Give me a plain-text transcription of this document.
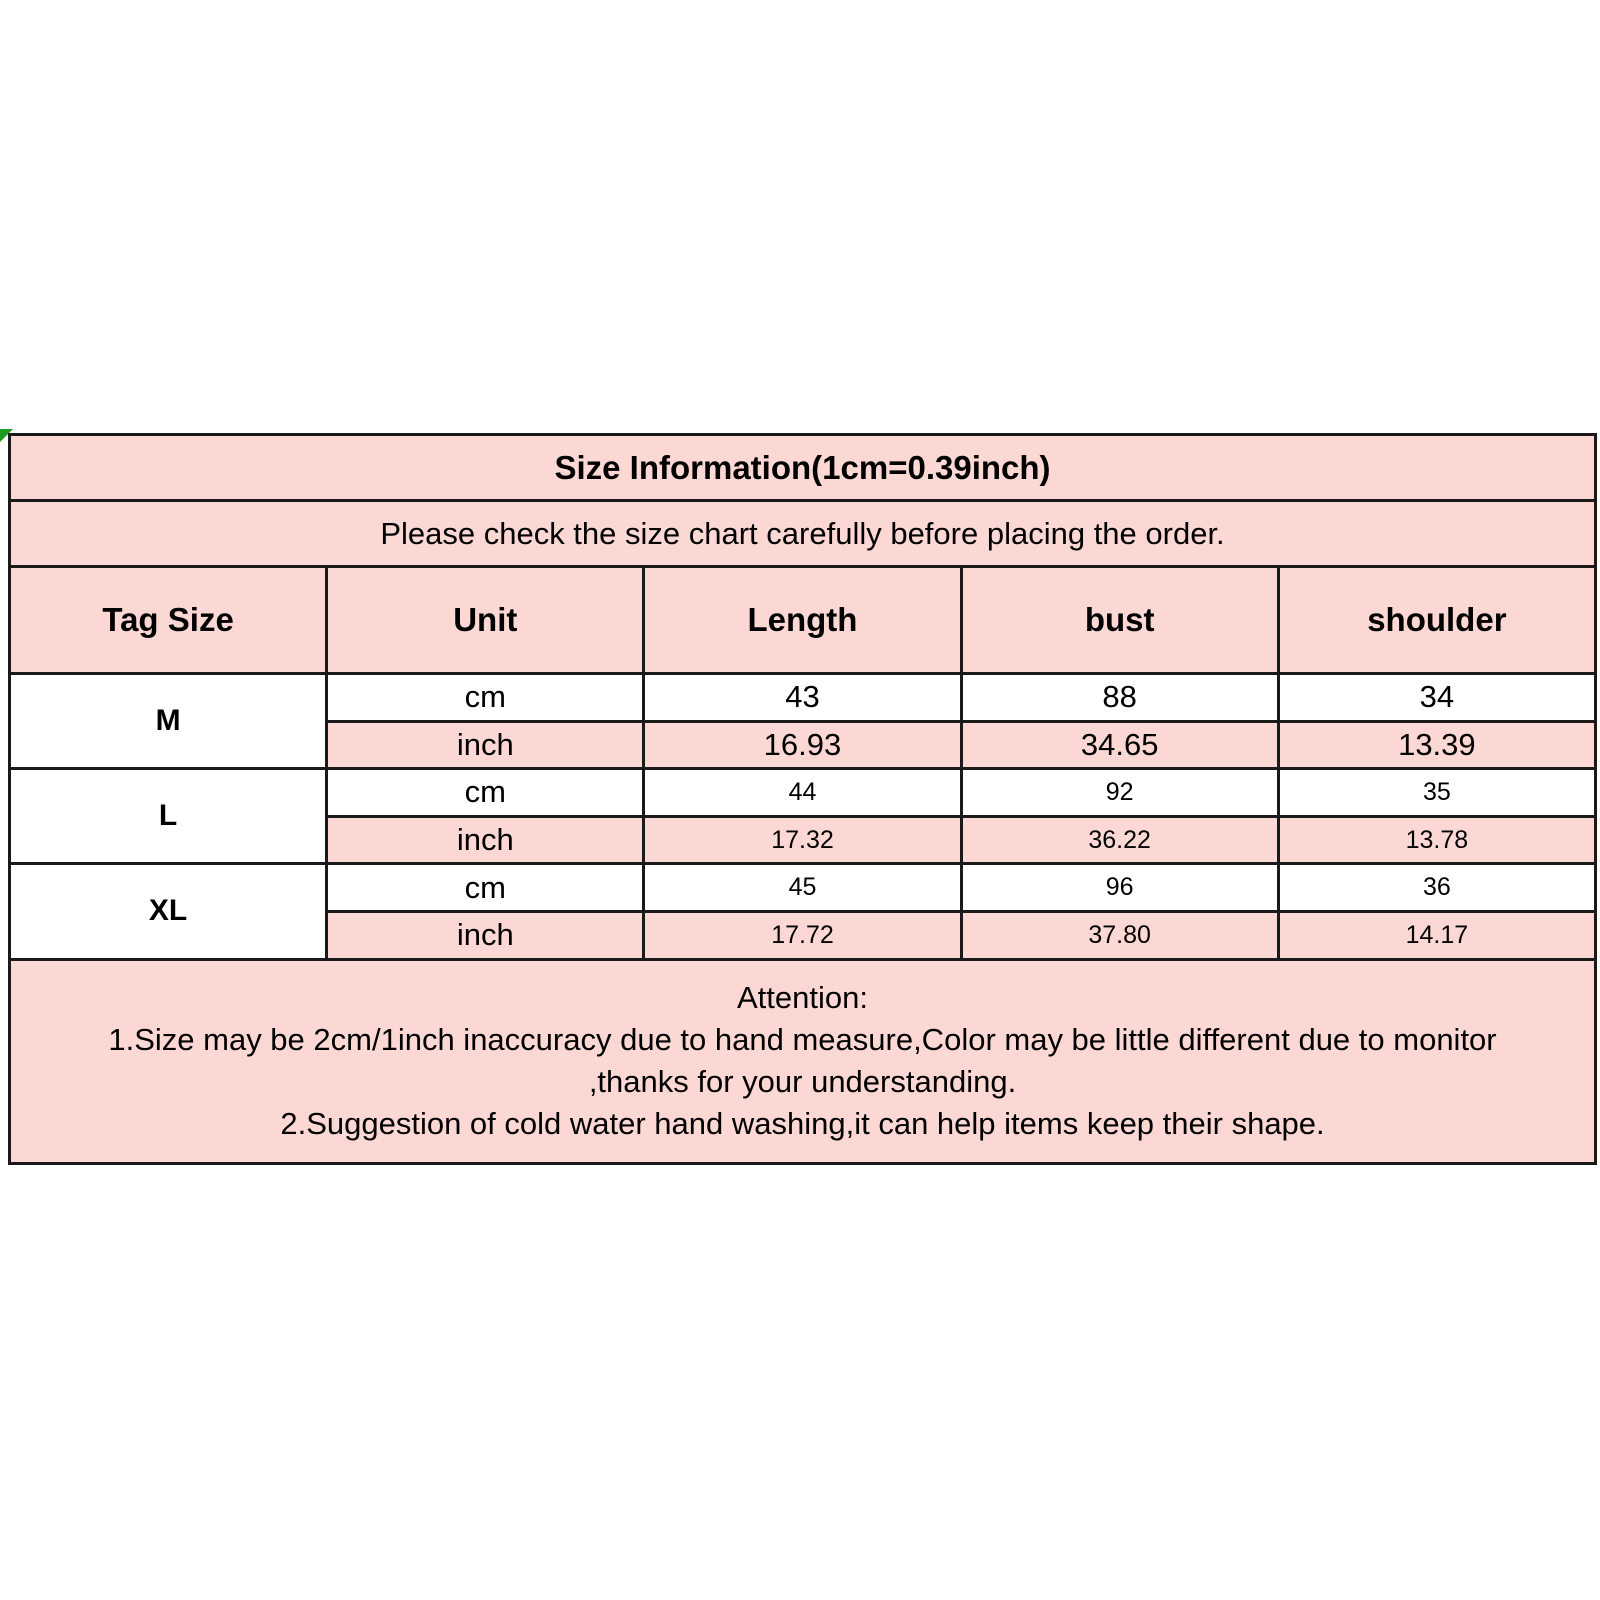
Size Information(1cm=0.39inch)				
Please check the size chart carefully before placing the order.				
Tag Size	Unit	Length	bust	shoulder
M	cm	43	88	34
	inch	16.93	34.65	13.39
L	cm	44	92	35
	inch	17.32	36.22	13.78
XL	cm	45	96	36
	inch	17.72	37.80	14.17

Attention:
1.Size may be 2cm/1inch inaccuracy due to hand measure,Color may be little different due to monitor
,thanks for your understanding.
2.Suggestion of cold water hand washing,it can help items keep their shape.				
